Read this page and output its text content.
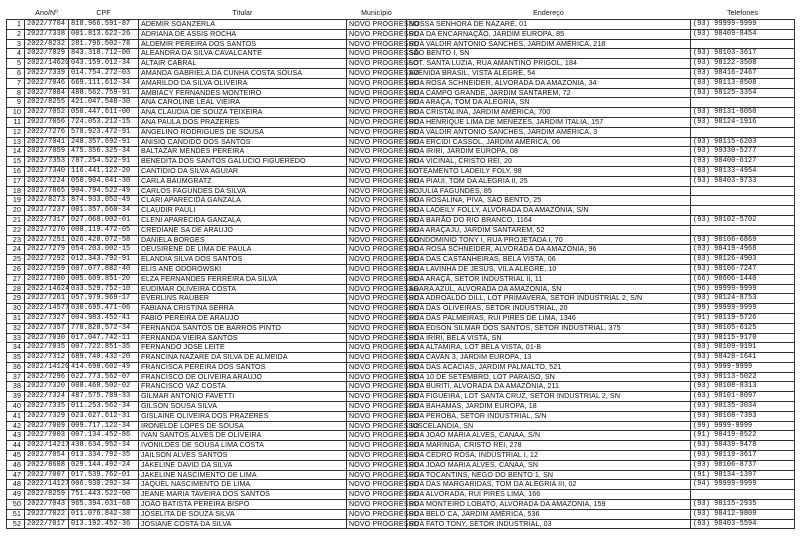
	Ano/Nº	CPF	Titular	Município	Endereço	Telefones
1	2022/7704	818.966.591-87	ADEMIR SOANZERLA	NOVO PROGRESSO	NOSSA SENHORA DE NAZARÉ, 01	(93) 99999-9999
2	2022/7338	001.813.622-26	ADRIANA DE ASSIS ROCHA	NOVO PROGRESSO	RUA DA ENCARNAÇÃO, JARDIM EUROPA, 85	(93) 98409-8454
3	2022/8232	281.796.502-78	ALDEMIR PEREIRA DOS SANTOS	NOVO PROGRESSO	RUA VALDIR ANTONIO SANCHES, JARDIM AMÉRICA, 218	
4	2022/7029	843.318.712-00	ALEANDRA DA SILVA CAVALCANTE	NOVO PROGRESSO	SÃO BENTO I, SN	(93) 98103-3617
5	2022/14620	043.159.012-34	ALTAIR CABRAL	NOVO PROGRESSO	LOT. SANTA LUZIA, RUA AMANTINO PRIGOL, 184	(93) 98122-3508
6	2022/7339	014.754.272-03	AMANDA GABRIELA DA CUNHA COSTA SOUSA	NOVO PROGRESSO	AVENIDA BRASIL, VISTA ALEGRE, 54	(93) 98416-2467
7	2022/7046	669.111.612-34	AMARILDO DA SILVA OLIVEIRA	NOVO PROGRESSO	RUA ROSA SCHNEIDER, ALVORADA DA AMAZONIA, 34	(93) 98113-8508
8	2022/7084	488.562.759-91	AMBIACY FERNANDES MONTEIRO	NOVO PROGRESSO	RUA CAMPO GRANDE, JARDIM SANTAREM, 72	(93) 98125-3354
9	2022/8255	421.047.548-30	ANA CAROLINE LEAL VIEIRA	NOVO PROGRESSO	RUA ARAÇA, TOM DA ALEGRIA, SN	
10	2022/7052	050.447.611-00	ANA CLAUDIA DE SOUZA TEIXEIRA	NOVO PROGRESSO	RUA CRISTALINA, JARDIM AMÉRICA, 700	(93) 98131-8050
11	2022/7056	724.053.212-15	ANA PAULA DOS PRAZERES	NOVO PROGRESSO	RUA HENRIQUE LIMA DE MENEZES, JARDIM ITALIA, 157	(93) 98124-1916
12	2022/7276	578.923.472-91	ANGELINO RODRIGUES DE SOUSA	NOVO PROGRESSO	RUA VALDIR ANTONIO SANCHES, JARDIM AMÉRICA, 3	
13	2022/7041	248.357.692-91	ANISIO CANDIDO DOS SANTOS	NOVO PROGRESSO	RUA ERCIDI CASSOL, JARDIM AMÉRICA, 06	(93) 98115-6203
14	2022/7059	475.356.325-34	BALTAZAR MENDES PEREIRA	NOVO PROGRESSO	RUA IRIRI, JARDIM EUROPA, 08	(93) 99330-5277
15	2022/7353	787.254.522-91	BENEDITA DOS SANTOS GALUCIO FIGUEREDO	NOVO PROGRESSO	RUA VICINAL, CRISTO REI, 20	(93) 98400-6127
16	2022/7340	116.441.122-20	CANTIDIO DA SILVA AGUIAR	NOVO PROGRESSO	LOTEAMENTO LADEILY FOLY, 98	(93) 98133-4954
17	2022/7224	050.904.041-30	CARLA BAUMGRATZ	NOVO PROGRESSO	RUA PIAUI, TOM DA ALEGRIA II, 25	(93) 98403-9733
18	2022/7865	904.794.522-49	CARLOS FAGUNDES DA SILVA	NOVO PROGRESSO	R. JULIA FAGUNDES, 85	
19	2022/8273	874.933.052-49	CLARI APARECIDA GANZALA	NOVO PROGRESSO	RUA ROSALINA, PIVA, SAO BENTO, 25	
20	2022/7237	001.357.660-34	CLAUDIR PAULI	NOVO PROGRESSO	RUA LADEILY FOLLY, ALVORADA DA AMAZÔNIA, S/N	
21	2022/7317	027.068.002-01	CLENI APARECIDA GANZALA	NOVO PROGRESSO	RUA BARÃO DO RIO BRANCO, 1164	(93) 98102-5702
22	2022/7270	008.119.472-05	CREDIANE SA DE ARAUJO	NOVO PROGRESSO	RUA ARAÇAJU, JARDIM SANTAREM, 52	
23	2022/7251	026.428.072-58	DANIELA BORGES	NOVO PROGRESSO	CONDOMINIO TONY I, RUA PROJETADA I, 70	(93) 98106-6869
24	2022/7279	054.203.002-15	DEUSIRENE DE LIMA DE PAULA	NOVO PROGRESSO	RUA ROSA SCHNEIDER, ALVORADA DA AMAZONIA, 96	(93) 98419-4968
25	2022/7292	012.343.792-91	ELANDIA SILVA DOS SANTOS	NOVO PROGRESSO	RUA DAS CASTANHEIRAS, BELA VISTA, 06	(93) 98126-4903
26	2022/7259	007.077.882-40	ELIS ANE ODOROWSKI	NOVO PROGRESSO	RUA LAVINHA DE JESUS, VILA ALEGRE, 10	(93) 98106-7247
27	2022/7280	005.609.851-20	ELZA FERNANDES FERREIRA DA SILVA	NOVO PROGRESSO	RUA ARAÇÁ, SETOR INDUSTRIAL II, 11	(66) 98606-1440
28	2022/14624	033.529.752-10	EUDIMAR OLIVEIRA COSTA	NOVO PROGRESSO	ARARA AZUL, ALVORADA DA AMAZONIA, SN	(96) 99999-9999
29	2022/7261	057.979.969-17	EVERLINS RAUBER	NOVO PROGRESSO	RUA ADROALDO DILL, LOT PRIMAVERA, SETOR INDUSTRIAL 2, S/N	(93) 98124-8753
30	2022/14577	030.695.471-06	FABIANA CRISTINA SERRA	NOVO PROGRESSO	RUA DAS OLIVEIRAS, SETOR INDUSTRIAL, 20	(99) 99999-9999
31	2022/7327	004.983.452-41	FABIO PEREIRA DE ARAUJO	NOVO PROGRESSO	RUA DAS PALMEIRAS, RUI PIRES DE LIMA, 1346	(91) 98119-5726
32	2022/7357	770.828.572-34	FERNANDA SANTOS DE BARROS PINTO	NOVO PROGRESSO	RUA EDSON SILMAR DOS SANTOS, SETOR INDUSTRIAL, 375	(93) 98105-6125
33	2022/7030	017.047.742-11	FERNANDA VIEIRA SANTOS	NOVO PROGRESSO	RUA IRIRI, BELA VISTA, SN	(93) 98115-9170
34	2022/7035	007.722.851-35	FERNANDO JOSE LEITE	NOVO PROGRESSO	RUA ALTAMIRA, LOT BELA VISTA, 01-B	(93) 98109-9191
35	2022/7312	689.740.432-20	FRANCINA NAZARE DA SILVA DE ALMEIDA	NOVO PROGRESSO	RUA CAVAN 3, JARDIM EUROPA, 13	(93) 98428-1641
36	2022/14120	414.698.602-49	FRANCISCA PEREIRA DOS SANTOS	NOVO PROGRESSO	RUA DAS ACACIAS, JARDIM PALMALTO, 521	(93) 9999-9999
37	2022/7296	022.773.562-07	FRANCISCO DE OLIVEIRA ARAUJO	NOVO PROGRESSO	RUA 10 DE SETEMBRO, LOT PARAISO, SN	(93) 98113-5022
38	2022/7320	008.468.502-02	FRANCISCO VAZ COSTA	NOVO PROGRESSO	RUA BURITI, ALVORADA DA AMAZÔNIA, 211	(93) 98108-8313
39	2022/7324	487.575.789-33	GILMAR ANTONIO FAVETTI	NOVO PROGRESSO	RUA FIGUEIRA, LOT SANTA CRUZ, SETOR INDUSTRIAL 2, SN	(93) 98101-8097
40	2022/7335	011.253.562-34	GILSON SOUSA SILVA	NOVO PROGRESSO	RUA BAHAMAS, JARDIM EUROPA, 18	(93) 98135-3034
41	2022/7329	023.627.612-31	GISLAINE OLIVEIRA DOS PRAZERES	NOVO PROGRESSO	RUA PEROBA, SETOR INDUSTRIAL, S/N	(93) 98108-7393
42	2022/7009	009.717.122-34	IRONELDE LOPES DE SOUSA	NOVO PROGRESSO	JUSCELANDIA, SN	(99) 9999-9999
43	2022/7003	007.134.452-86	IVAN SANTOS ALVES DE OLIVEIRA	NOVO PROGRESSO	RUA JOAO MARIA ALVES, CANAA, S/N	(91) 98419-8522
44	2022/14217	438.634.952-34	IVONILDES DE SOUSA LIMA COSTA	NOVO PROGRESSO	RUA MARINGA, CRISTO REI, 278	(93) 98439-9478
45	2022/7054	013.334.792-35	JAILSON ALVES SANTOS	NOVO PROGRESSO	RUA CEDRO ROSA, INDUSTRIAL I, 12	(93) 98119-3617
46	2022/8608	029.144.492-24	JAKELINE DAVID DA SILVA	NOVO PROGRESSO	RUA JOAO MARIA ALVES, CANAA, SN	(93) 98106-8737
47	2022/7007	017.539.762-01	JAKELINE NASCIMENTO DE LIMA	NOVO PROGRESSO	RUA TOCANTINS, NEGO DO BENTO 1, SN	(91) 98134-1397
48	2022/14127	006.930.292-34	JAQUEL NASCIMENTO DE LIMA	NOVO PROGRESSO	RUA DAS MARGARIDAS, TOM DA ALEGRIA III, 02	(94) 99999-9999
49	2022/8259	751.443.522-00	JEANE MARIA TAVEIRA DOS SANTOS	NOVO PROGRESSO	RUA ALVORADA, RUI PIRES LIMA, 166	
50	2022/7043	965.394.031-68	JOÃO BATISTA PEREIRA BISPO	NOVO PROGRESSO	RUA MONTEIRO LOBATO, ALVORADA DA AMAZONIA, 159	(93) 98115-2935
51	2022/7022	011.076.842-38	JOSELITA DE SOUZA SILVA	NOVO PROGRESSO	RUA BELO CA, JARDIM AMÉRICA, 536	(93) 98412-9809
52	2022/7017	013.192.452-36	JOSIANE COSTA DA SILVA	NOVO PROGRESSO	RUA FATO TONY, SETOR INDUSTRIAL, 03	(93) 98403-5594
